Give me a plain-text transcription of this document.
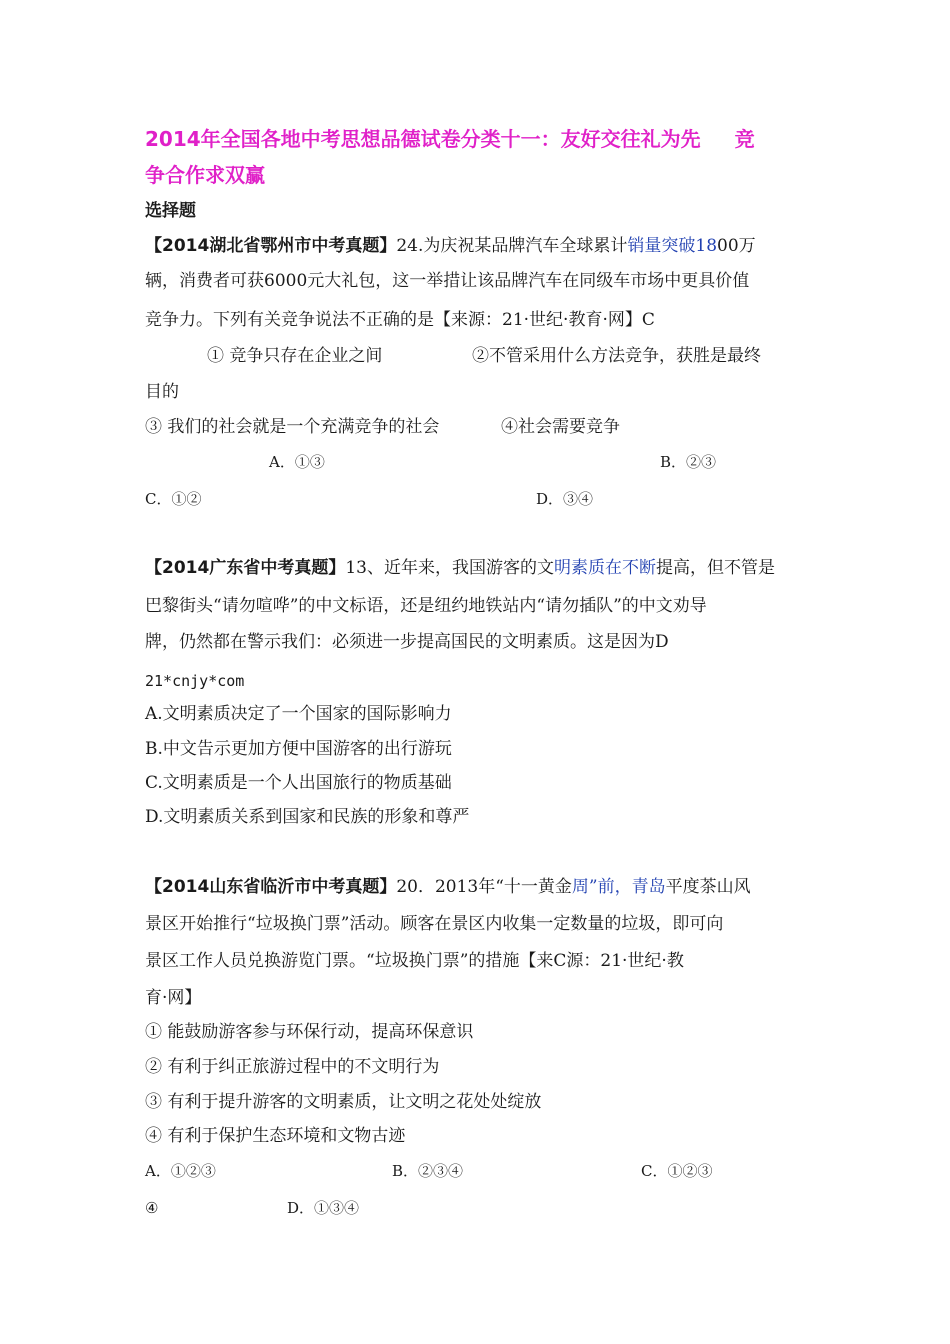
2014年全国各地中考思想品德试卷分类十一：友好交往礼为先 竞
争合作求双赢
选择题
【2014湖北省鄂州市中考真题】24.为庆祝某品牌汽车全球累计销量突破1800万
辆，消费者可获6000元大礼包，这一举措让该品牌汽车在同级车市场中更具价值
竞争力。下列有关竞争说法不正确的是【来源：21·世纪·教育·网】C
① 竞争只存在企业之间	②不管采用什么方法竞争，获胜是最终
目的
③ 我们的社会就是一个充满竞争的社会	④社会需要竞争
A．①③	B．②③
C．①②	D．③④
【2014广东省中考真题】13、近年来，我国游客的文明素质在不断提高，但不管是
巴黎街头“请勿喧哗”的中文标语，还是纽约地铁站内“请勿插队”的中文劝导
牌，仍然都在警示我们：必须进一步提高国民的文明素质。这是因为D
21*cnjy*com
A.文明素质决定了一个国家的国际影响力
B.中文告示更加方便中国游客的出行游玩
C.文明素质是一个人出国旅行的物质基础
D.文明素质关系到国家和民族的形象和尊严
【2014山东省临沂市中考真题】20．2013年“十一黄金周”前，青岛平度茶山风
景区开始推行“垃圾换门票”活动。顾客在景区内收集一定数量的垃圾，即可向
景区工作人员兑换游览门票。“垃圾换门票”的措施【来C源：21·世纪·教
育·网】
① 能鼓励游客参与环保行动，提高环保意识
② 有利于纠正旅游过程中的不文明行为
③ 有利于提升游客的文明素质，让文明之花处处绽放
④ 有利于保护生态环境和文物古迹
A．①②③	B．②③④	C．①②③
④	D．①③④
